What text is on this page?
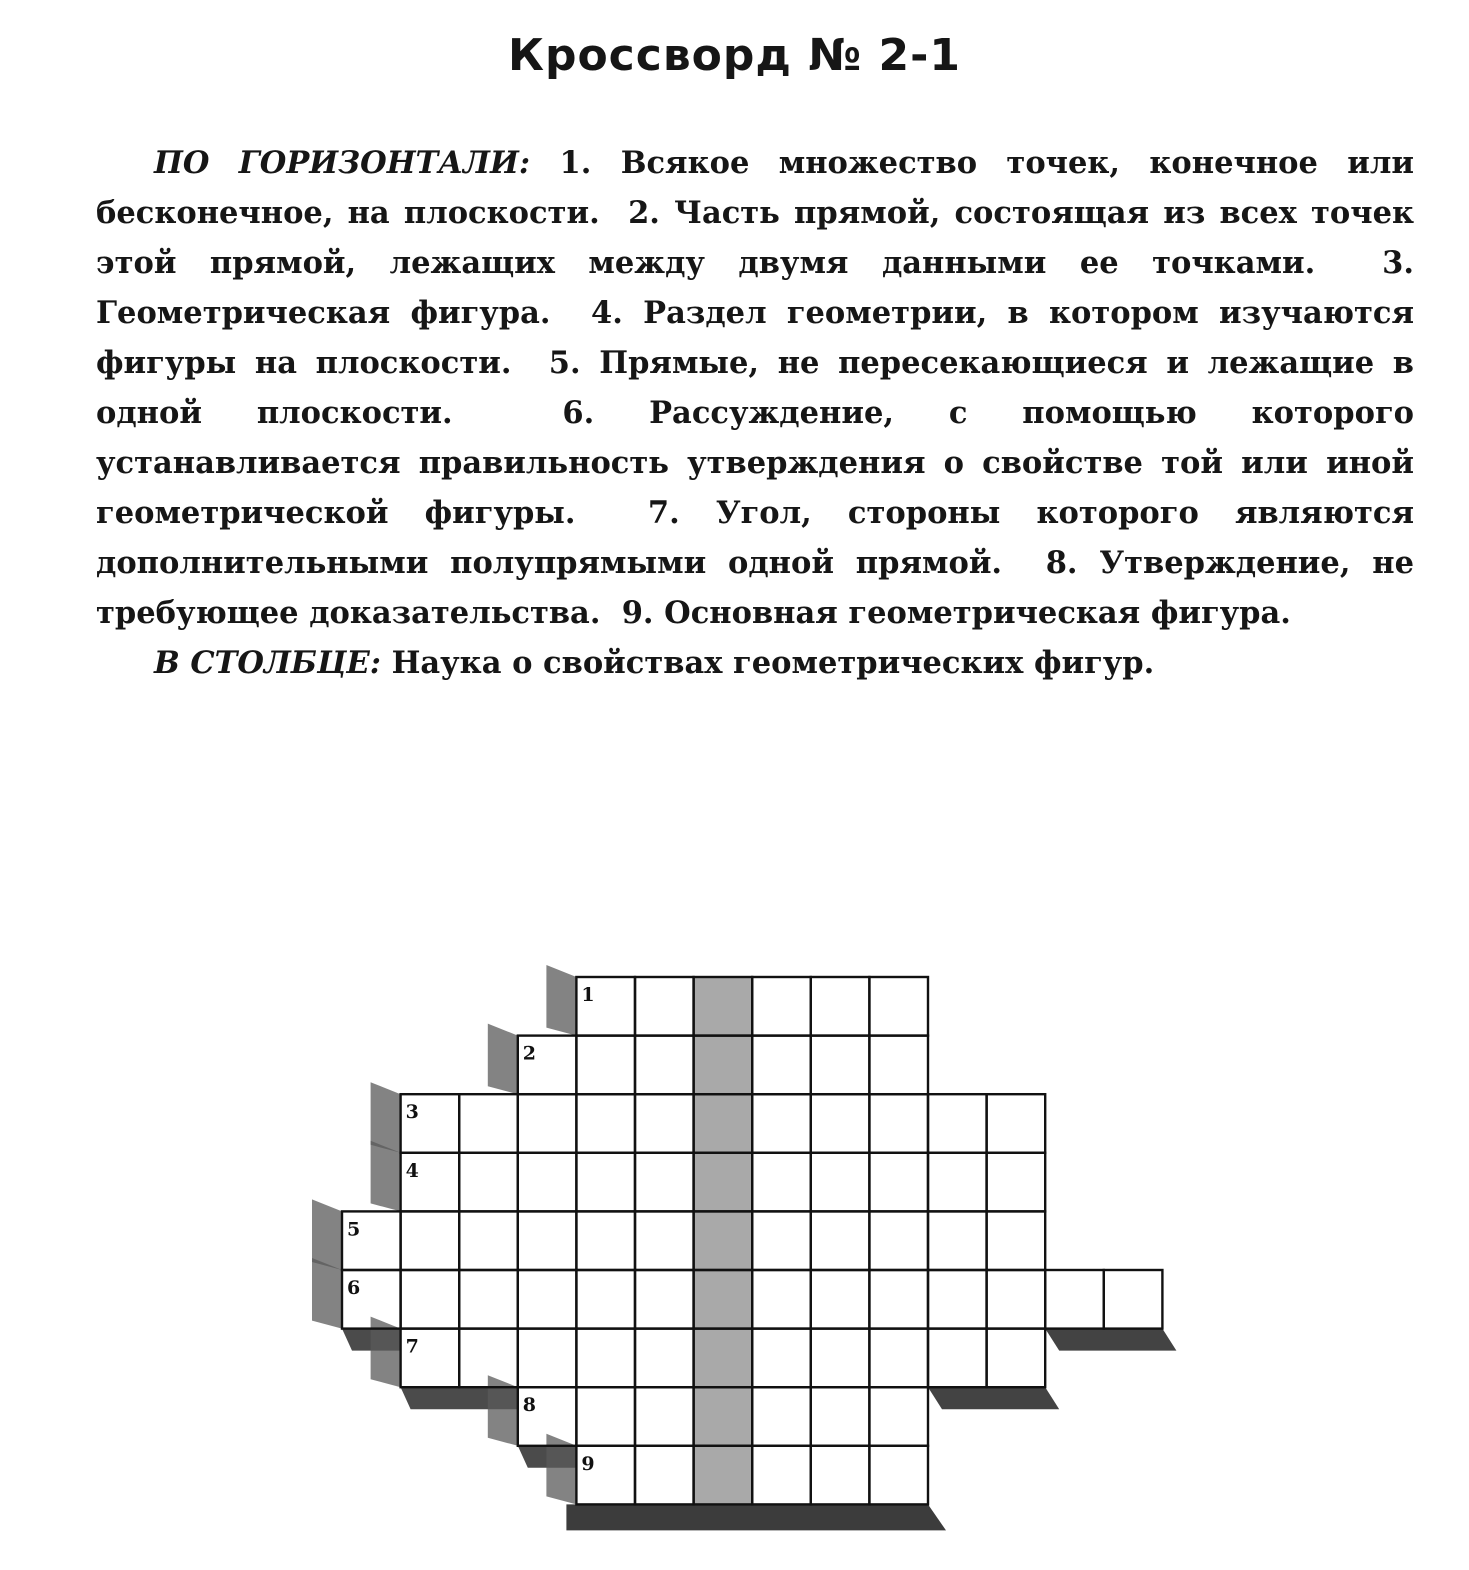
Кроссворд № 2-1

ПО ГОРИЗОНТАЛИ: 1. Всякое множество точек, конечное или бесконечное, на плоскости. 2. Часть прямой, состоящая из всех точек этой прямой, лежащих между двумя данными ее точками. 3. Геометрическая фигура. 4. Раздел геометрии, в котором изучаются фигуры на плоскости. 5. Прямые, не пересекающиеся и лежащие в одной плоскости.	6. Рассуждение, с помощью которого устанавливается правильность утверждения о свойстве той или иной геометрической фигуры. 7. Угол, стороны которого являются дополнительными полупрямыми одной прямой. 8. Утверждение, не требующее доказательства. 9. Основная геометрическая фигура.

В СТОЛБЦЕ: Наука о свойствах геометрических фигур.

1
2
3
4
5
6
7
8
9
